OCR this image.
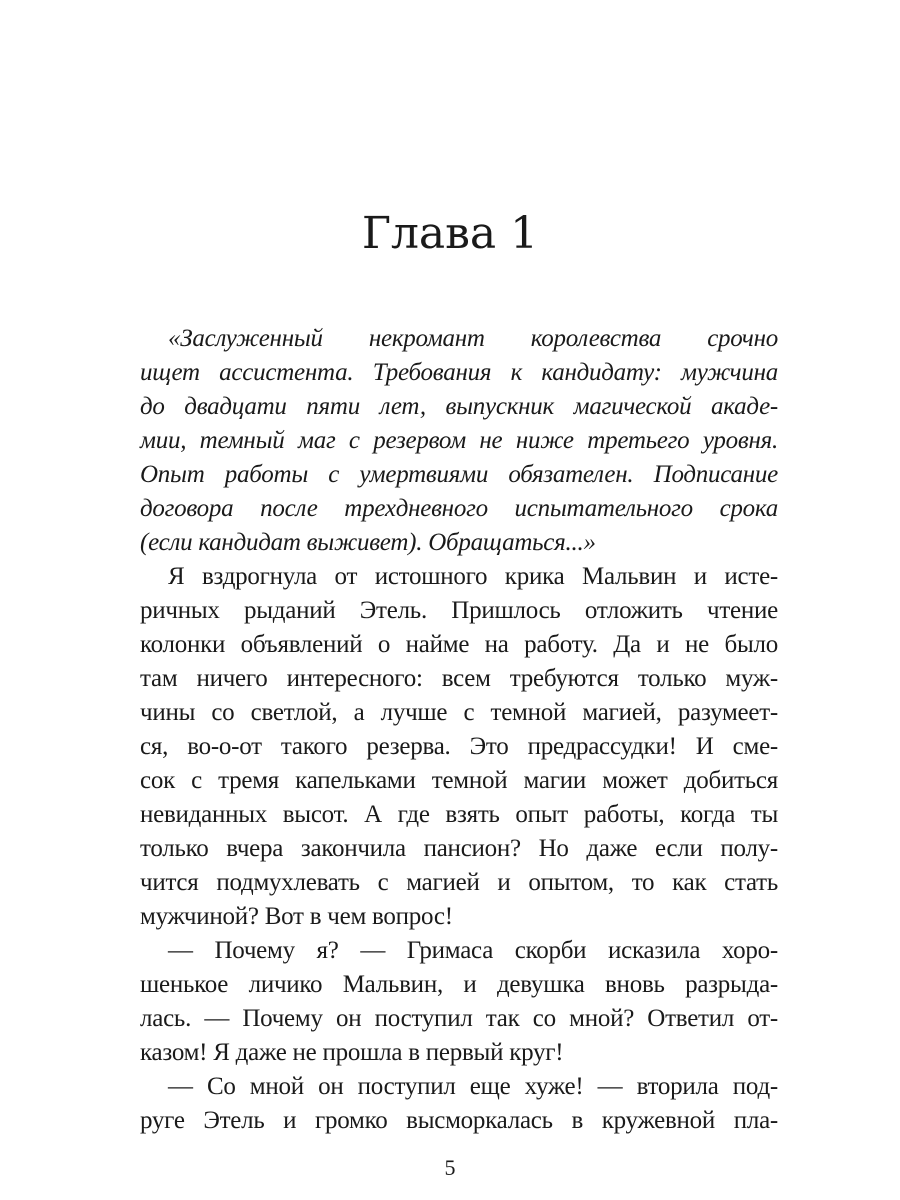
Глава 1
«Заслуженный некромант королевства срочно
ищет ассистента. Требования к кандидату: мужчина
до двадцати пяти лет, выпускник магической акаде-
мии, темный маг с резервом не ниже третьего уровня.
Опыт работы с умертвиями обязателен. Подписание
договора после трехдневного испытательного срока
(если кандидат выживет). Обращаться...»
Я вздрогнула от истошного крика Мальвин и исте-
ричных рыданий Этель. Пришлось отложить чтение
колонки объявлений о найме на работу. Да и не было
там ничего интересного: всем требуются только муж-
чины со светлой, а лучше с темной магией, разумеет-
ся, во-о-от такого резерва. Это предрассудки! И сме-
сок с тремя капельками темной магии может добиться
невиданных высот. А где взять опыт работы, когда ты
только вчера закончила пансион? Но даже если полу-
чится подмухлевать с магией и опытом, то как стать
мужчиной? Вот в чем вопрос!
— Почему я? — Гримаса скорби исказила хоро-
шенькое личико Мальвин, и девушка вновь разрыда-
лась. — Почему он поступил так со мной? Ответил от-
казом! Я даже не прошла в первый круг!
— Со мной он поступил еще хуже! — вторила под-
руге Этель и громко высморкалась в кружевной пла-
5
